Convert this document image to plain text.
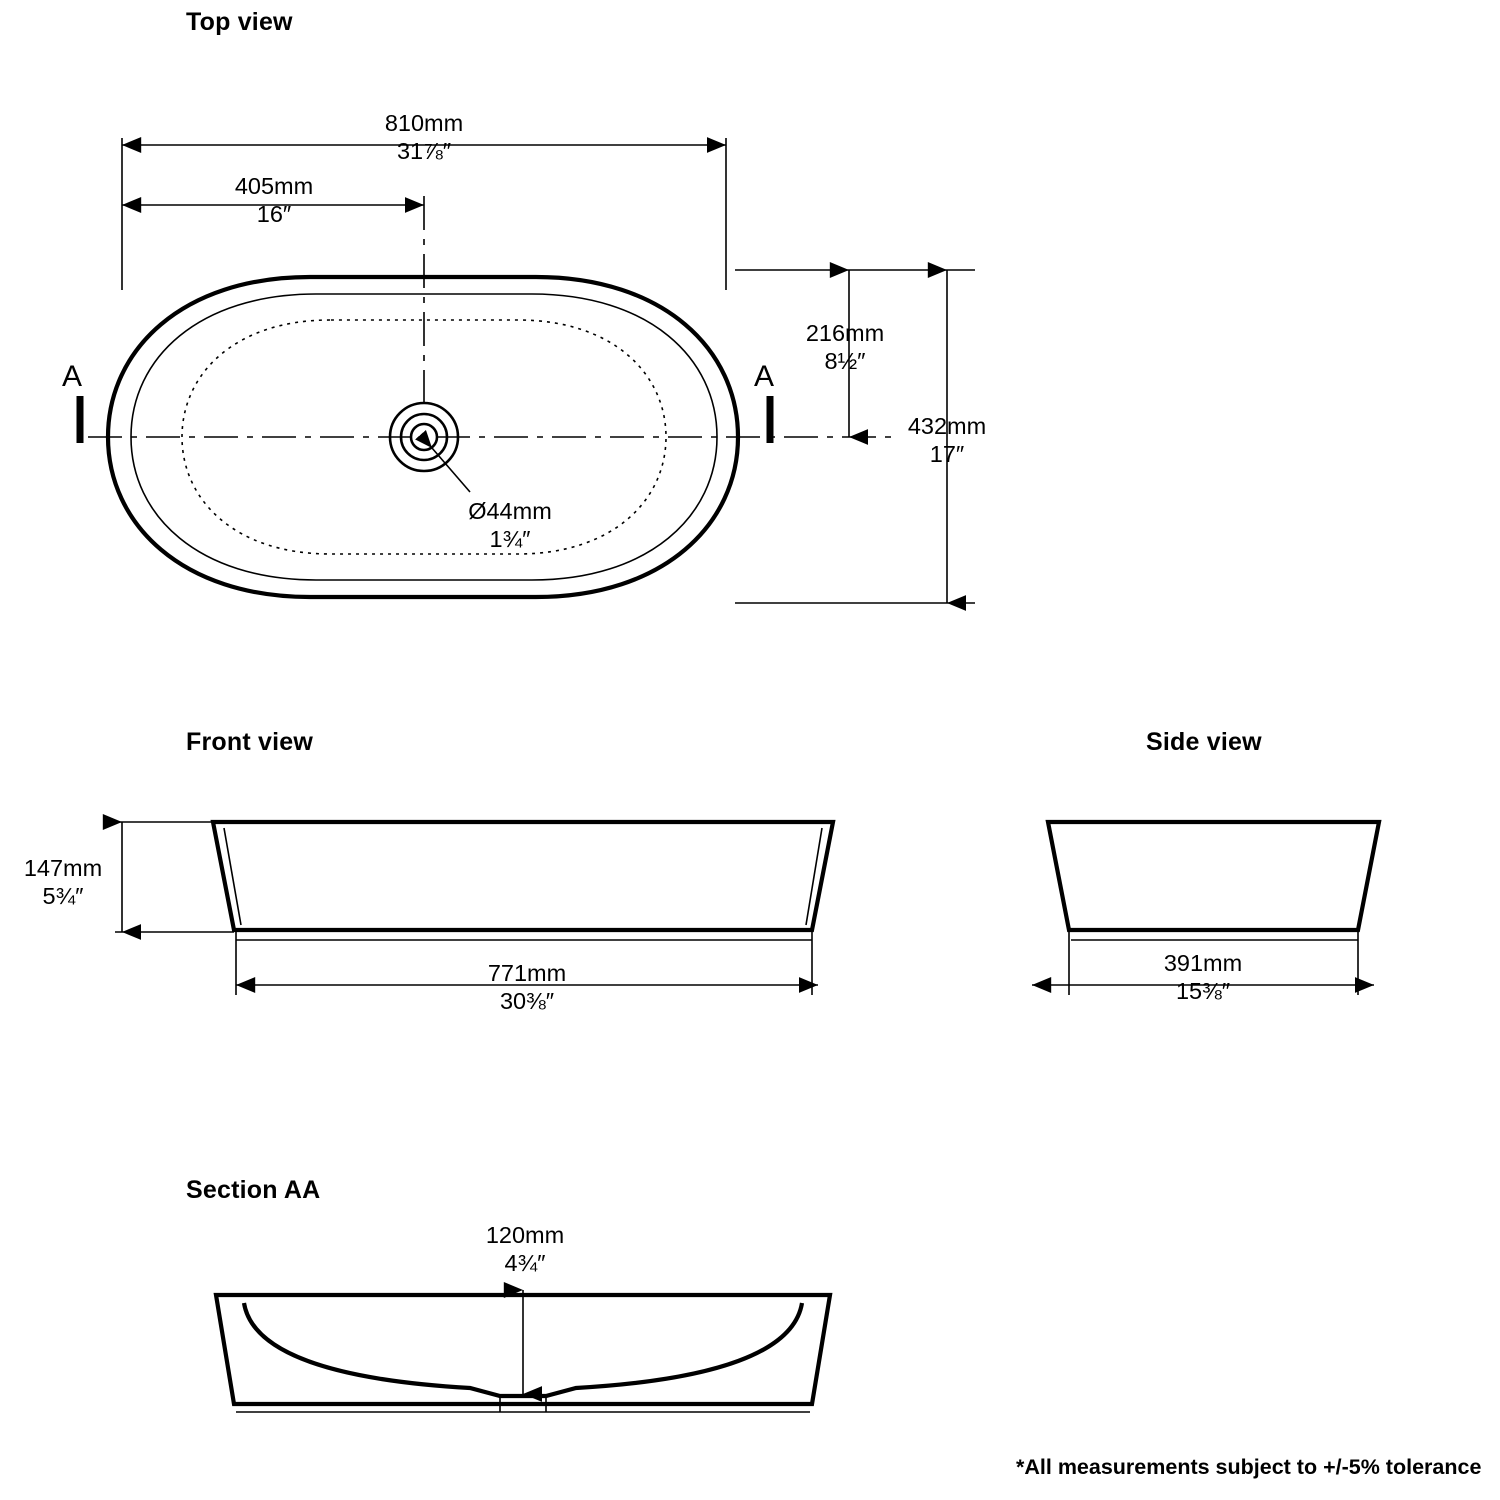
Top view
Front view	Side view
Section AA
810mm
31⅞″
405mm
16″
216mm
8½″
432mm
17″
Ø44mm
1¾″
A	A
147mm
5¾″
771mm
30⅜″
391mm
15⅜″
120mm
4¾″
*All measurements subject to +/-5% tolerance
